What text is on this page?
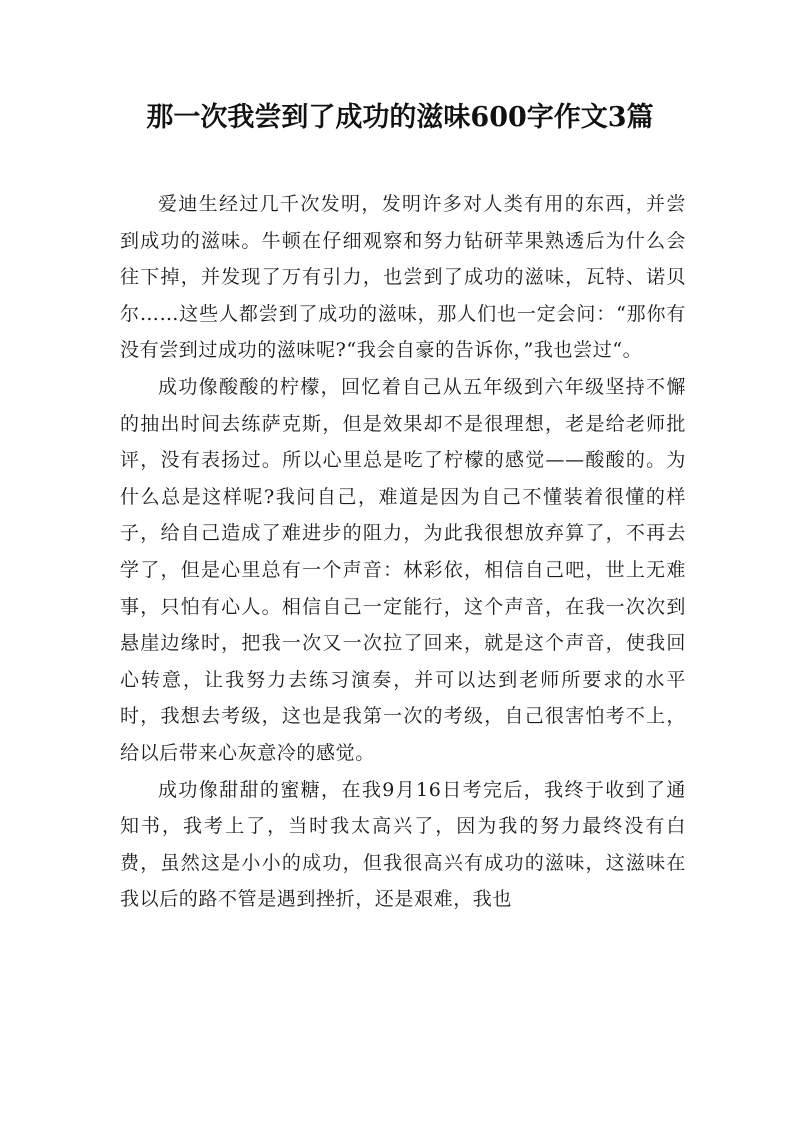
那一次我尝到了成功的滋味600字作文3篇

爱迪生经过几千次发明，发明许多对人类有用的东西，并尝到成功的滋味。牛顿在仔细观察和努力钻研苹果熟透后为什么会往下掉，并发现了万有引力，也尝到了成功的滋味，瓦特、诺贝尔……这些人都尝到了成功的滋味，那人们也一定会问：“那你有没有尝到过成功的滋味呢?“我会自豪的告诉你，”我也尝过“。

成功像酸酸的柠檬，回忆着自己从五年级到六年级坚持不懈的抽出时间去练萨克斯，但是效果却不是很理想，老是给老师批评，没有表扬过。所以心里总是吃了柠檬的感觉——酸酸的。为什么总是这样呢?我问自己，难道是因为自己不懂装着很懂的样子，给自己造成了难进步的阻力，为此我很想放弃算了，不再去学了，但是心里总有一个声音：林彩依，相信自己吧，世上无难事，只怕有心人。相信自己一定能行，这个声音，在我一次次到悬崖边缘时，把我一次又一次拉了回来，就是这个声音，使我回心转意，让我努力去练习演奏，并可以达到老师所要求的水平时，我想去考级，这也是我第一次的考级，自己很害怕考不上，给以后带来心灰意冷的感觉。

成功像甜甜的蜜糖，在我9月16日考完后，我终于收到了通知书，我考上了，当时我太高兴了，因为我的努力最终没有白费，虽然这是小小的成功，但我很高兴有成功的滋味，这滋味在我以后的路不管是遇到挫折，还是艰难，我也
